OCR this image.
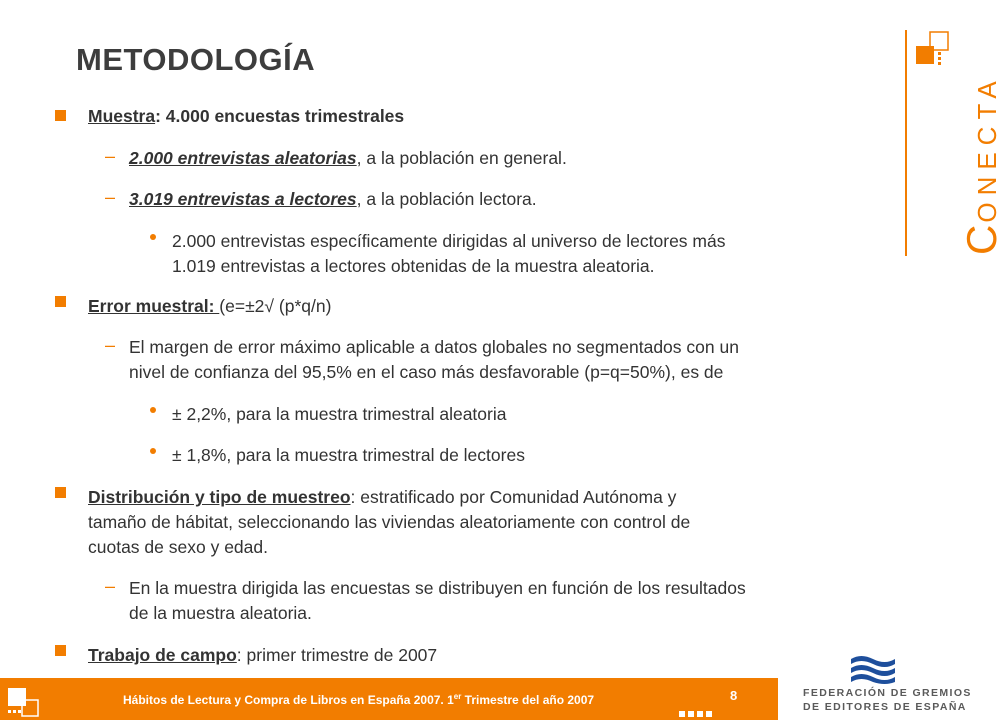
METODOLOGÍA
Muestra: 4.000 encuestas trimestrales
– 2.000 entrevistas aleatorias, a la población en general.
– 3.019 entrevistas a lectores, a la población lectora.
2.000 entrevistas específicamente dirigidas al universo de lectores más
1.019 entrevistas a lectores obtenidas de la muestra aleatoria.
Error muestral: (e=±2√ (p*q/n)
– El margen de error máximo aplicable a datos globales no segmentados con un
nivel de confianza del 95,5% en el caso más desfavorable (p=q=50%), es de
± 2,2%, para la muestra trimestral aleatoria
± 1,8%, para la muestra trimestral de lectores
Distribución y tipo de muestreo: estratificado por Comunidad Autónoma y
tamaño de hábitat, seleccionando las viviendas aleatoriamente con control de
cuotas de sexo y edad.
– En la muestra dirigida las encuestas se distribuyen en función de los resultados
de la muestra aleatoria.
Trabajo de campo: primer trimestre de 2007
CONECTA
Hábitos de Lectura y Compra de Libros en España 2007. 1er Trimestre del año 2007	8	FEDERACIÓN DE GREMIOS
DE EDITORES DE ESPAÑA
